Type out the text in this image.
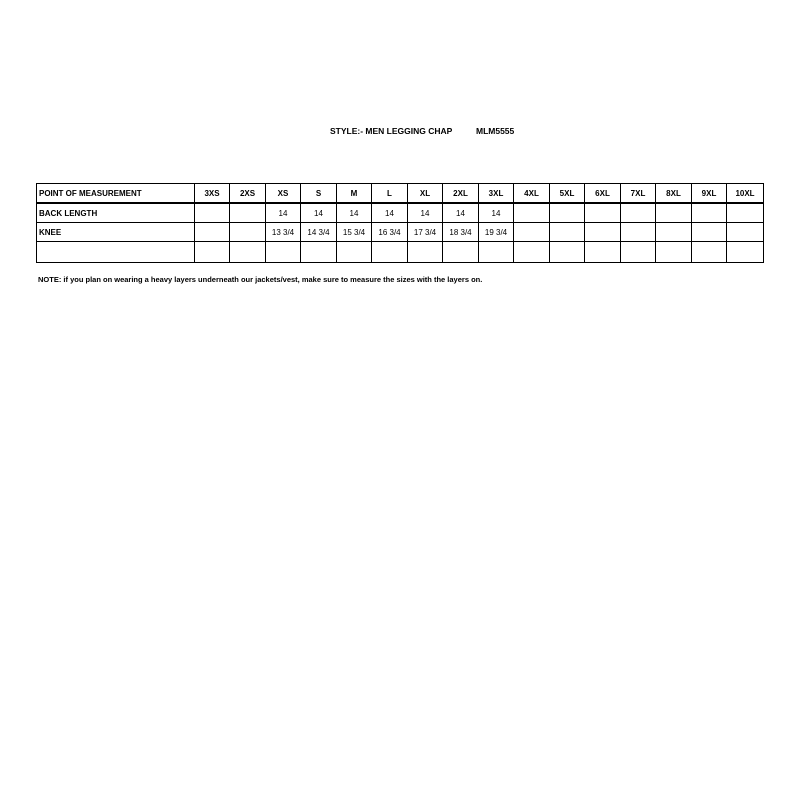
STYLE:- MEN LEGGING CHAP	MLM5555
POINT OF MEASUREMENT	3XS	2XS	XS	S	M	L	XL	2XL	3XL	4XL	5XL	6XL	7XL	8XL	9XL	10XL
BACK LENGTH			14	14	14	14	14	14	14							
KNEE			13 3/4	14 3/4	15 3/4	16 3/4	17 3/4	18 3/4	19 3/4							

NOTE: if you plan on wearing a heavy layers underneath our jackets/vest, make sure to measure the sizes with the layers on.
